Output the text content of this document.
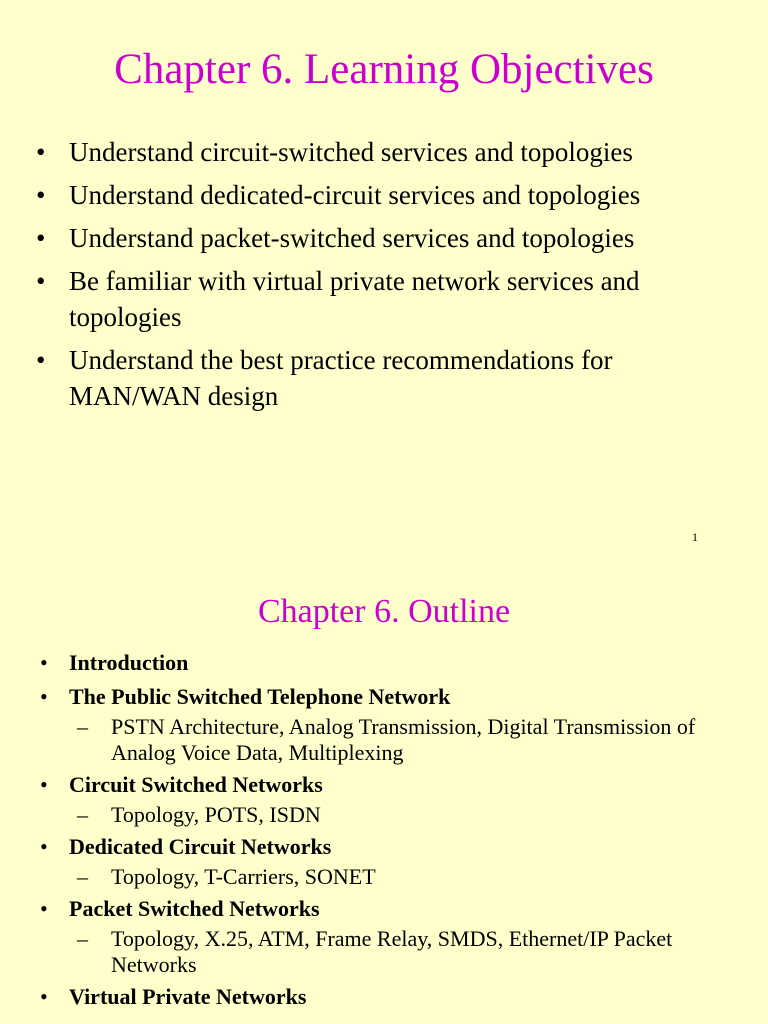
Chapter 6. Learning Objectives
• Understand circuit-switched services and topologies
• Understand dedicated-circuit services and topologies
• Understand packet-switched services and topologies
• Be familiar with virtual private network services and topologies
• Understand the best practice recommendations for MAN/WAN design
1
Chapter 6. Outline
• Introduction
• The Public Switched Telephone Network
– PSTN Architecture, Analog Transmission, Digital Transmission of Analog Voice Data, Multiplexing
• Circuit Switched Networks
– Topology, POTS, ISDN
• Dedicated Circuit Networks
– Topology, T-Carriers, SONET
• Packet Switched Networks
– Topology, X.25, ATM, Frame Relay, SMDS, Ethernet/IP Packet Networks
• Virtual Private Networks
